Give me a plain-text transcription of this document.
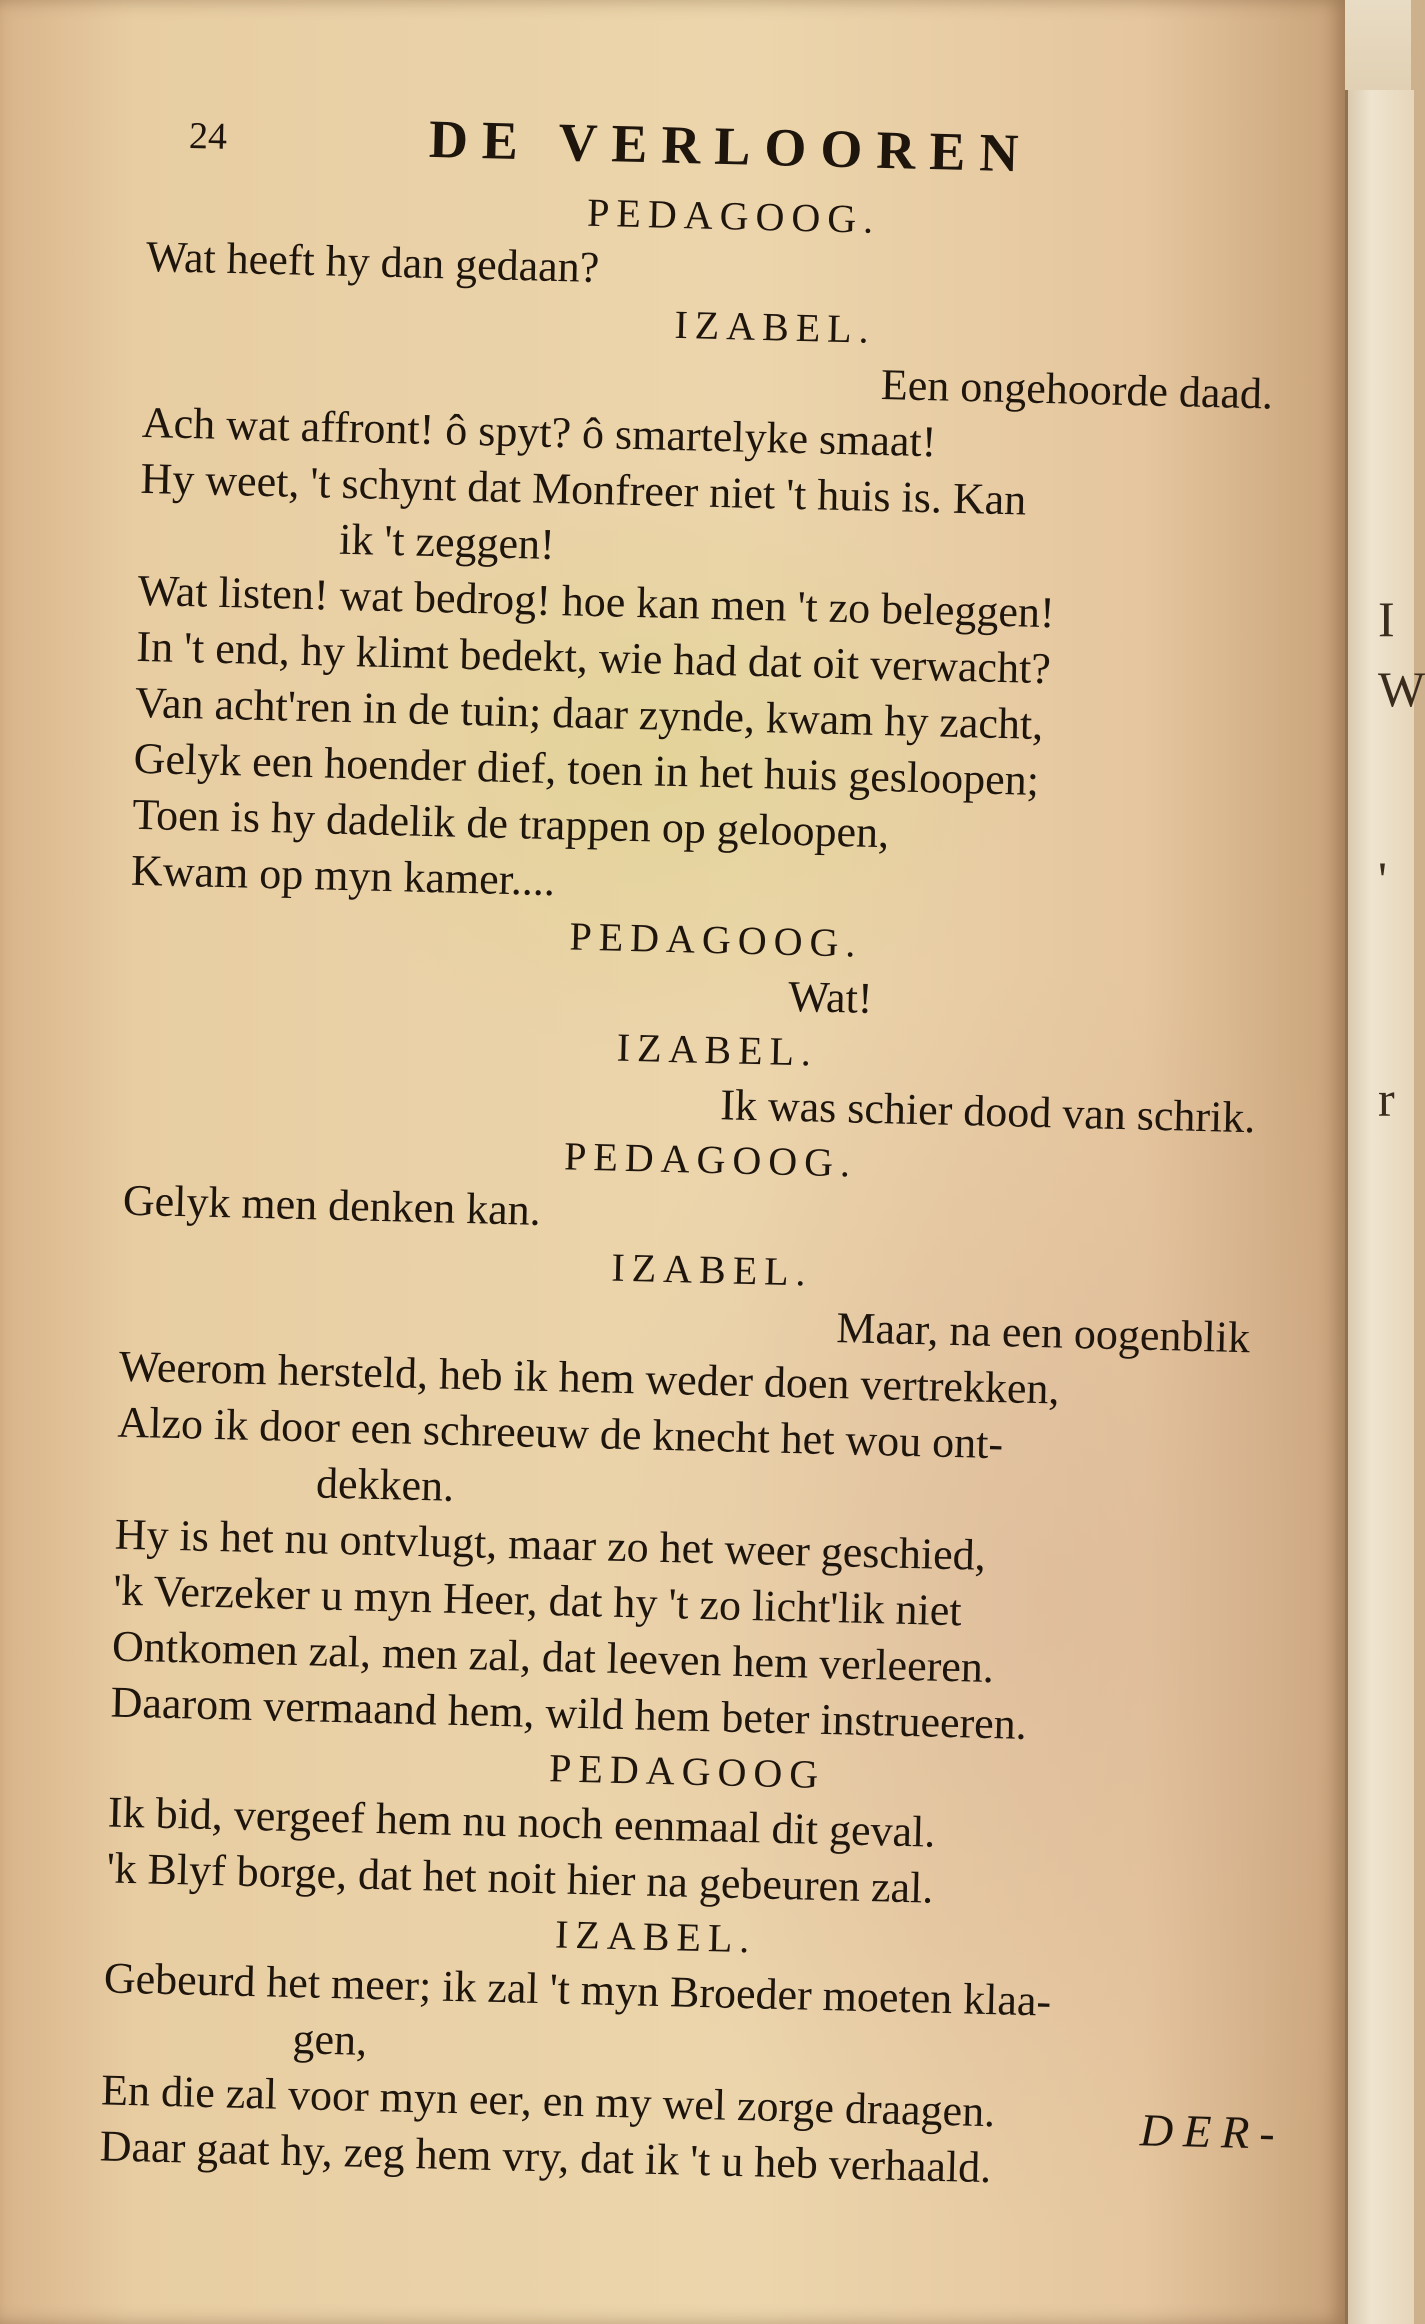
I
W
'
r
24	DE VERLOOREN

PEDAGOOG.

Wat heeft hy dan gedaan?

IZABEL.

Een ongehoorde daad.

Ach wat affront! ô spyt? ô smartelyke smaat!

Hy weet, 't schynt dat Monfreer niet 't huis is. Kan

ik 't zeggen!

Wat listen! wat bedrog! hoe kan men 't zo beleggen!

In 't end, hy klimt bedekt, wie had dat oit verwacht?

Van acht'ren in de tuin; daar zynde, kwam hy zacht,

Gelyk een hoender dief, toen in het huis gesloopen;

Toen is hy dadelik de trappen op geloopen,

Kwam op myn kamer....

PEDAGOOG.

Wat!

IZABEL.

Ik was schier dood van schrik.

PEDAGOOG.

Gelyk men denken kan.

IZABEL.

Maar, na een oogenblik

Weerom hersteld, heb ik hem weder doen vertrekken,

Alzo ik door een schreeuw de knecht het wou ont-

dekken.

Hy is het nu ontvlugt, maar zo het weer geschied,

'k Verzeker u myn Heer, dat hy 't zo licht'lik niet

Ontkomen zal, men zal, dat leeven hem verleeren.

Daarom vermaand hem, wild hem beter instrueeren.

PEDAGOOG

Ik bid, vergeef hem nu noch eenmaal dit geval.

'k Blyf borge, dat het noit hier na gebeuren zal.

IZABEL.

Gebeurd het meer; ik zal 't myn Broeder moeten klaa-

gen,

En die zal voor myn eer, en my wel zorge draagen.

Daar gaat hy, zeg hem vry, dat ik 't u heb verhaald.	DER-
